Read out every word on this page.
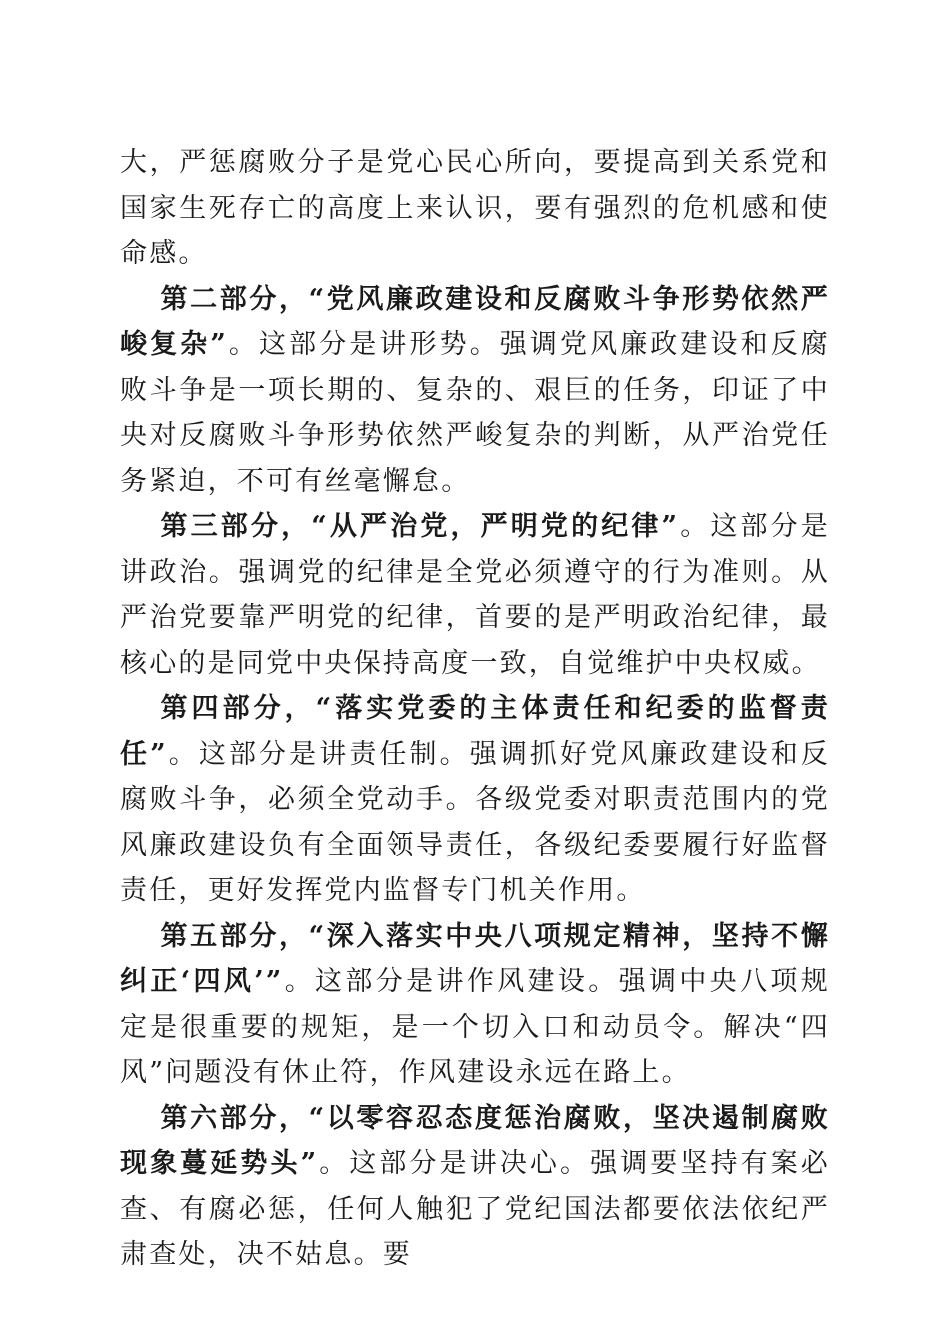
大，严惩腐败分子是党心民心所向，要提高到关系党和国家生死存亡的高度上来认识，要有强烈的危机感和使命感。

第二部分，“党风廉政建设和反腐败斗争形势依然严峻复杂”。这部分是讲形势。强调党风廉政建设和反腐败斗争是一项长期的、复杂的、艰巨的任务，印证了中央对反腐败斗争形势依然严峻复杂的判断，从严治党任务紧迫，不可有丝毫懈怠。

第三部分，“从严治党，严明党的纪律”。这部分是讲政治。强调党的纪律是全党必须遵守的行为准则。从严治党要靠严明党的纪律，首要的是严明政治纪律，最核心的是同党中央保持高度一致，自觉维护中央权威。

第四部分，“落实党委的主体责任和纪委的监督责任”。这部分是讲责任制。强调抓好党风廉政建设和反腐败斗争，必须全党动手。各级党委对职责范围内的党风廉政建设负有全面领导责任，各级纪委要履行好监督责任，更好发挥党内监督专门机关作用。

第五部分，“深入落实中央八项规定精神，坚持不懈纠正‘四风’”。这部分是讲作风建设。强调中央八项规定是很重要的规矩，是一个切入口和动员令。解决“四风”问题没有休止符，作风建设永远在路上。

第六部分，“以零容忍态度惩治腐败，坚决遏制腐败现象蔓延势头”。这部分是讲决心。强调要坚持有案必查、有腐必惩，任何人触犯了党纪国法都要依法依纪严肃查处，决不姑息。要
